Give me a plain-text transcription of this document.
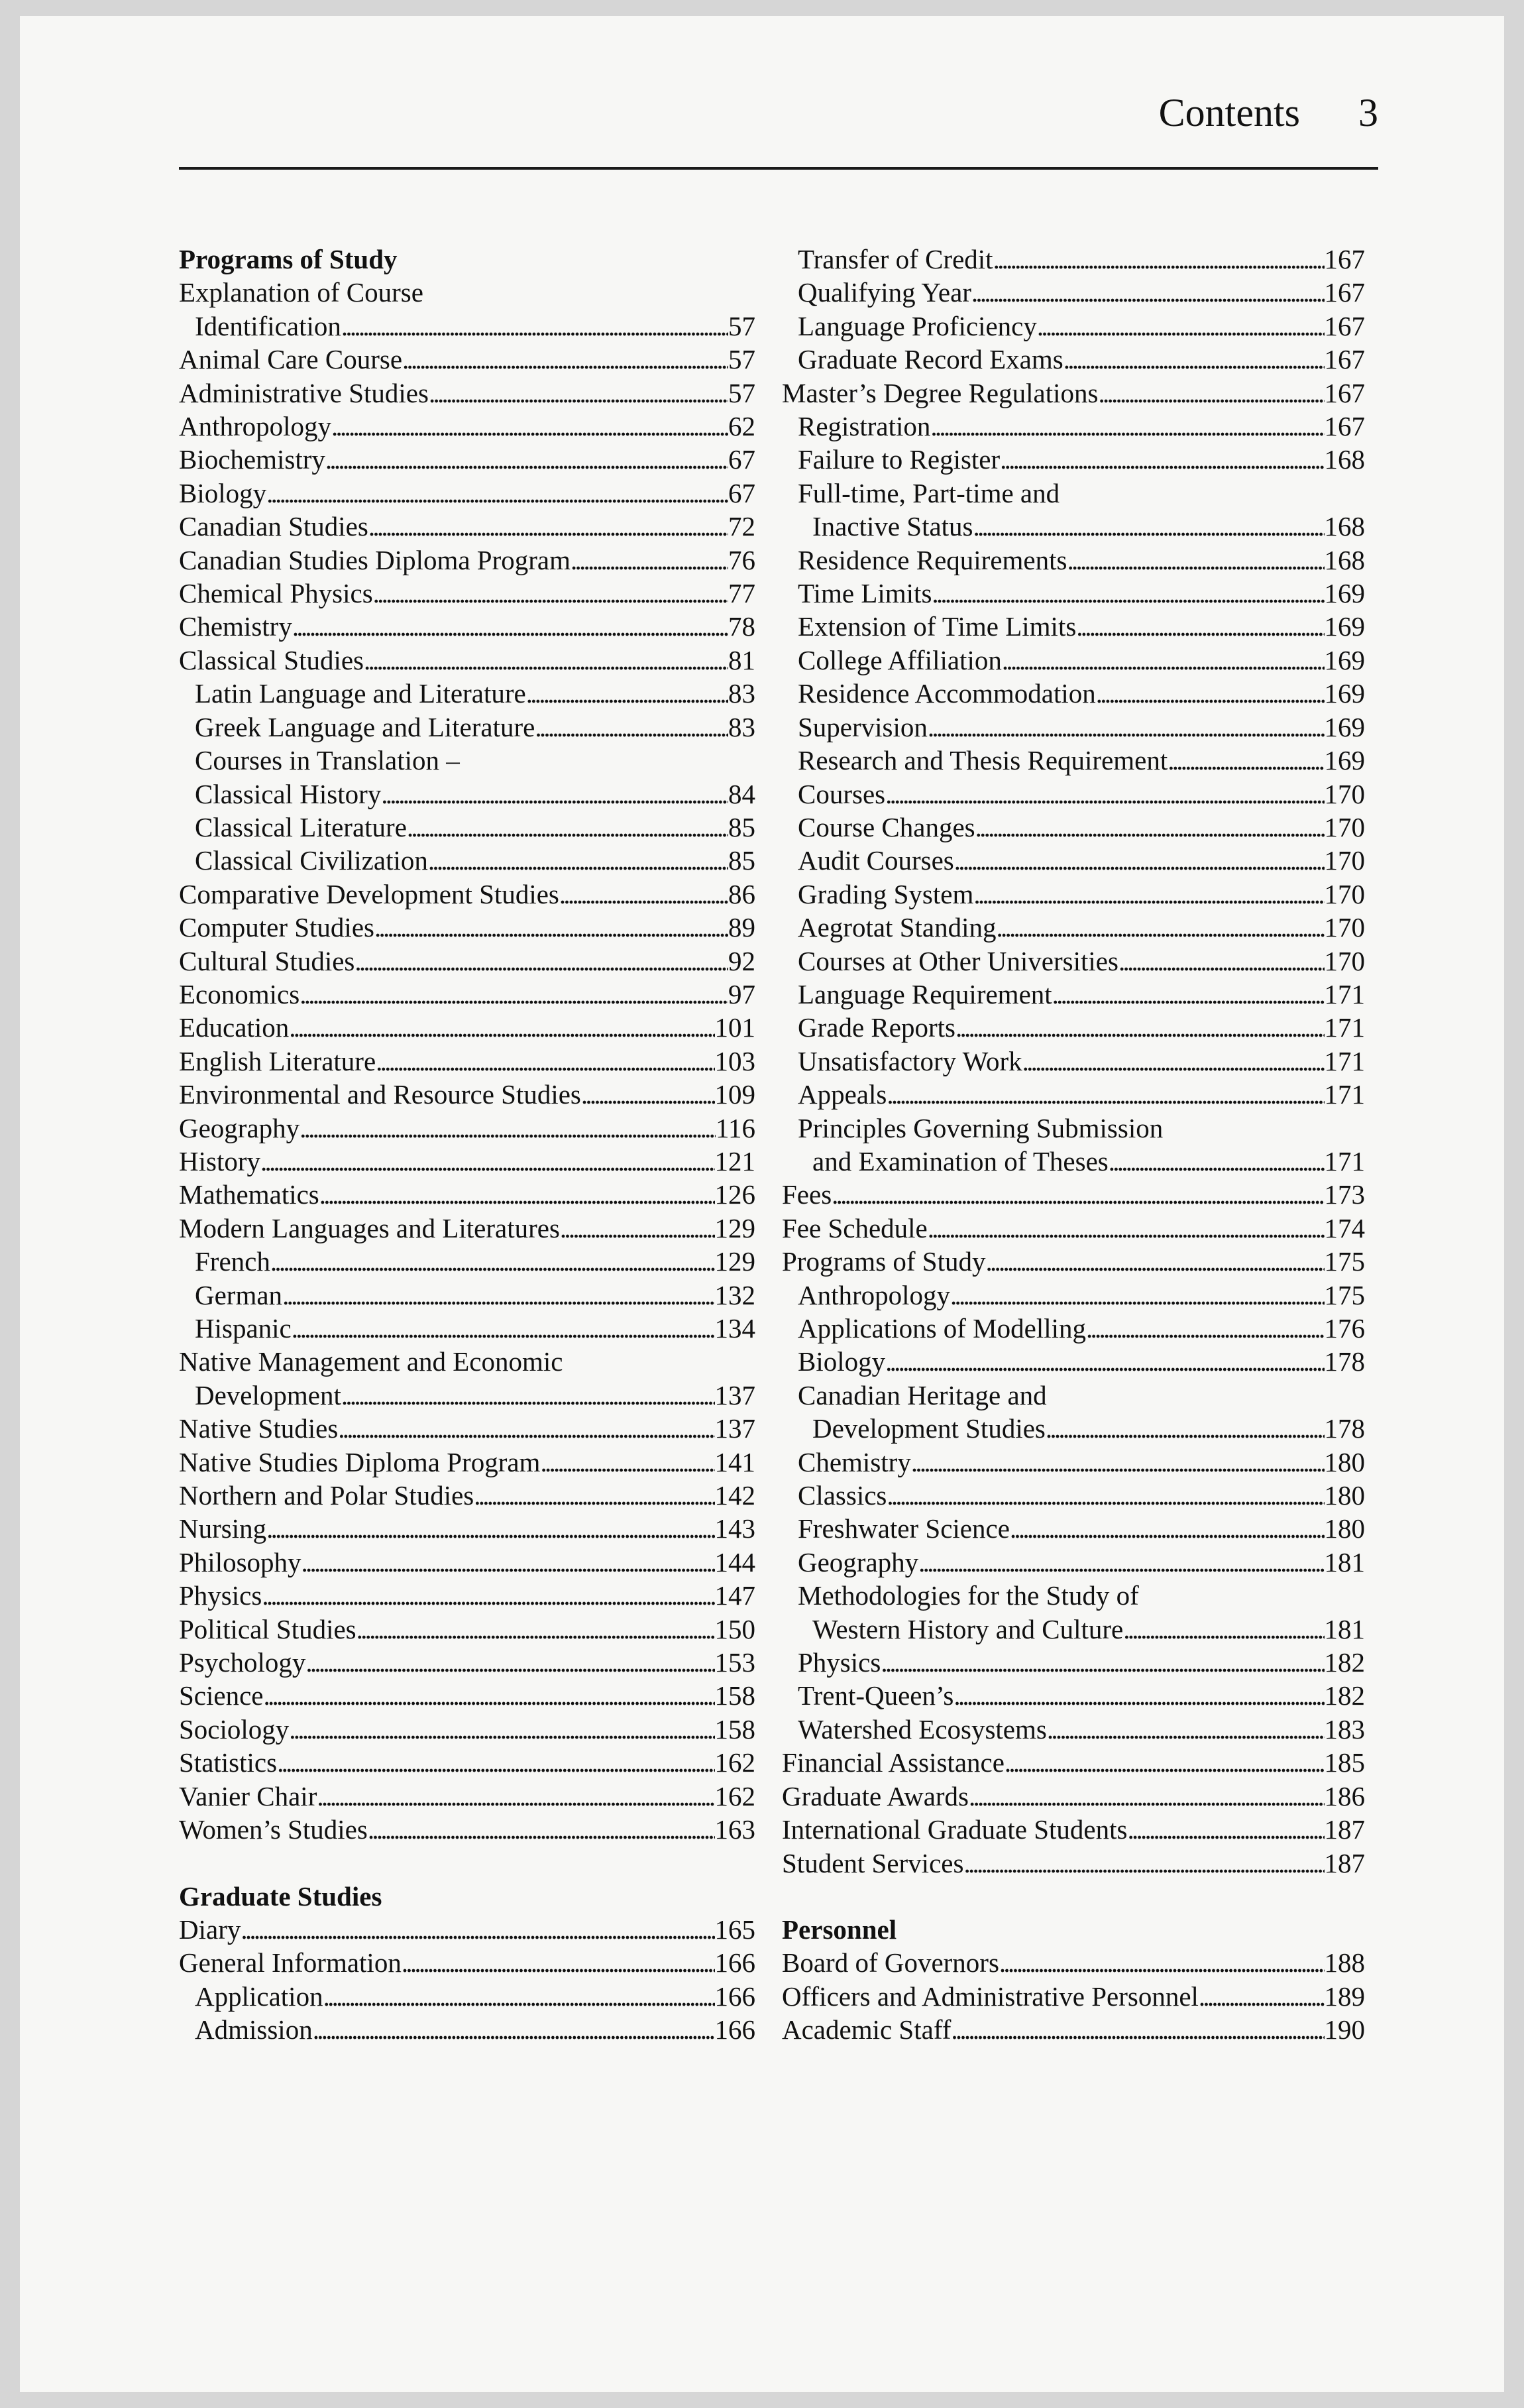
Contents 3
Programs of Study
Explanation of Course
Identification . . .	57
Animal Care Course . . .	57
Administrative Studies . . .	57
Anthropology . . .	62
Biochemistry . . .	67
Biology . . .	67
Canadian Studies . . .	72
Canadian Studies Diploma Program . . .	76
Chemical Physics . . .	77
Chemistry . . .	78
Classical Studies . . .	81
Latin Language and Literature . . .	83
Greek Language and Literature . . .	83
Courses in Translation –
Classical History . . .	84
Classical Literature . . .	85
Classical Civilization . . .	85
Comparative Development Studies . . .	86
Computer Studies . . .	89
Cultural Studies . . .	92
Economics . . .	97
Education . . .	101
English Literature . . .	103
Environmental and Resource Studies . . .	109
Geography . . .	116
History . . .	121
Mathematics . . .	126
Modern Languages and Literatures . . .	129
French . . .	129
German . . .	132
Hispanic . . .	134
Native Management and Economic
Development . . .	137
Native Studies . . .	137
Native Studies Diploma Program . . .	141
Northern and Polar Studies . . .	142
Nursing . . .	143
Philosophy . . .	144
Physics . . .	147
Political Studies . . .	150
Psychology . . .	153
Science . . .	158
Sociology . . .	158
Statistics . . .	162
Vanier Chair . . .	162
Women’s Studies . . .	163
Graduate Studies
Diary . . .	165
General Information . . .	166
Application . . .	166
Admission . . .	166
Transfer of Credit . . .	167
Qualifying Year . . .	167
Language Proficiency . . .	167
Graduate Record Exams . . .	167
Master’s Degree Regulations . . .	167
Registration . . .	167
Failure to Register . . .	168
Full-time, Part-time and
Inactive Status . . .	168
Residence Requirements . . .	168
Time Limits . . .	169
Extension of Time Limits . . .	169
College Affiliation . . .	169
Residence Accommodation . . .	169
Supervision . . .	169
Research and Thesis Requirement . . .	169
Courses . . .	170
Course Changes . . .	170
Audit Courses . . .	170
Grading System . . .	170
Aegrotat Standing . . .	170
Courses at Other Universities . . .	170
Language Requirement . . .	171
Grade Reports . . .	171
Unsatisfactory Work . . .	171
Appeals . . .	171
Principles Governing Submission
and Examination of Theses . . .	171
Fees . . .	173
Fee Schedule . . .	174
Programs of Study . . .	175
Anthropology . . .	175
Applications of Modelling . . .	176
Biology . . .	178
Canadian Heritage and
Development Studies . . .	178
Chemistry . . .	180
Classics . . .	180
Freshwater Science . . .	180
Geography . . .	181
Methodologies for the Study of
Western History and Culture . . .	181
Physics . . .	182
Trent-Queen’s . . .	182
Watershed Ecosystems . . .	183
Financial Assistance . . .	185
Graduate Awards . . .	186
International Graduate Students . . .	187
Student Services . . .	187
Personnel
Board of Governors . . .	188
Officers and Administrative Personnel . . .	189
Academic Staff . . .	190
